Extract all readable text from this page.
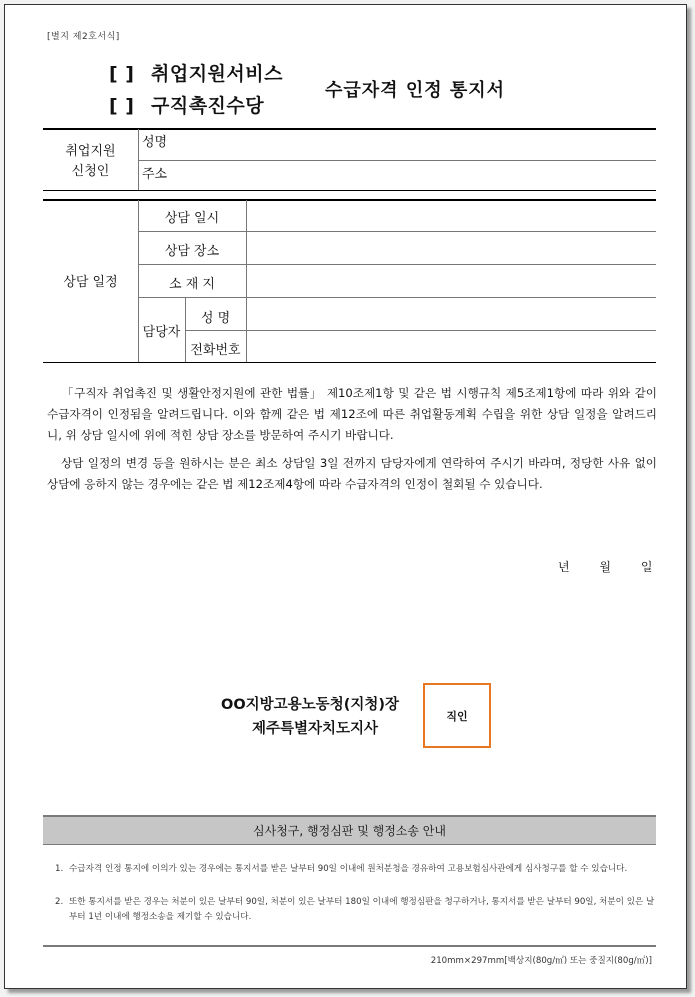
[별지 제2호서식]
[ ] 취업지원서비스
[ ] 구직촉진수당
수급자격 인정 통지서
취업지원
신청인
성명
주소
상담 일정
상담 일시
상담 장소
소 재 지
담당자
성 명
전화번호
「구직자 취업촉진 및 생활안정지원에 관한 법률」 제10조제1항 및 같은 법 시행규칙 제5조제1항에 따라 위와 같이 수급자격이 인정됨을 알려드립니다. 이와 함께 같은 법 제12조에 따른 취업활동계획 수립을 위한 상담 일정을 알려드리니, 위 상담 일시에 위에 적힌 상담 장소를 방문하여 주시기 바랍니다.
상담 일정의 변경 등을 원하시는 분은 최소 상담일 3일 전까지 담당자에게 연락하여 주시기 바라며, 정당한 사유 없이 상담에 응하지 않는 경우에는 같은 법 제12조제4항에 따라 수급자격의 인정이 철회될 수 있습니다.
년 월 일
OO지방고용노동청(지청)장
제주특별자치도지사
직인
심사청구, 행정심판 및 행정소송 안내
1. 수급자격 인정 통지에 이의가 있는 경우에는 통지서를 받은 날부터 90일 이내에 원처분청을 경유하여 고용보험심사관에게 심사청구를 할 수 있습니다.
2. 또한 통지서를 받은 경우는 처분이 있은 날부터 90일, 처분이 있은 날부터 180일 이내에 행정심판을 청구하거나, 통지서를 받은 날부터 90일, 처분이 있은 날부터 1년 이내에 행정소송을 제기할 수 있습니다.
210mm×297mm[백상지(80g/㎡) 또는 중질지(80g/㎡)]
